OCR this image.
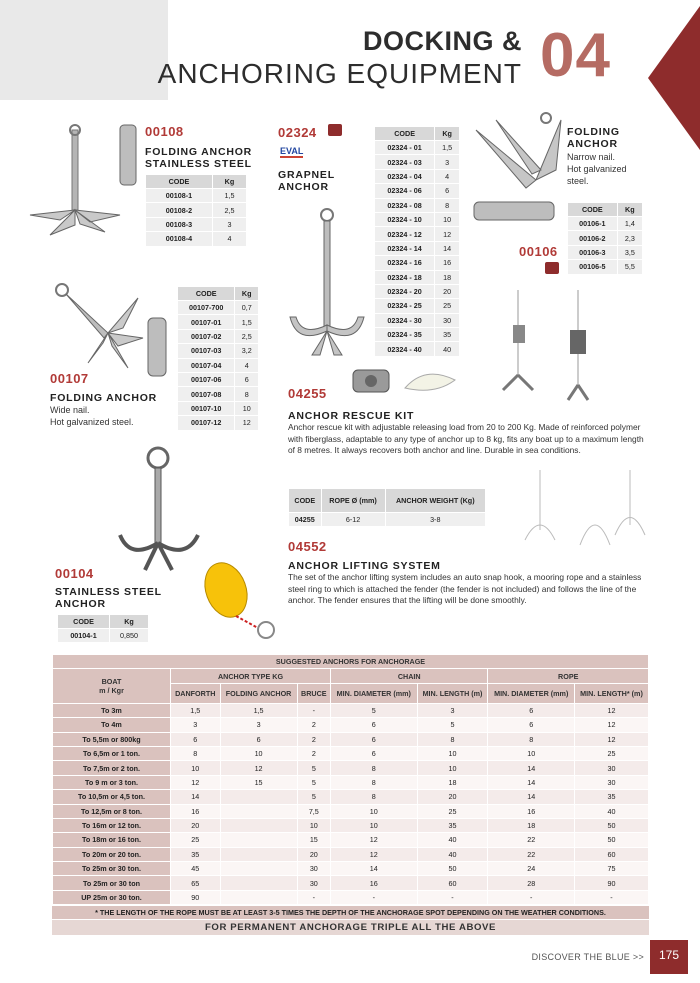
DOCKING &
ANCHORING EQUIPMENT 04
00108
FOLDING ANCHOR
STAINLESS STEEL
CODE	Kg
00108-1	1,5
00108-2	2,5
00108-3	3
00108-4	4
02324
EVAL
GRAPNEL
ANCHOR
CODE	Kg
02324 - 01	1,5
02324 - 03	3
02324 - 04	4
02324 - 06	6
02324 - 08	8
02324 - 10	10
02324 - 12	12
02324 - 14	14
02324 - 16	16
02324 - 18	18
02324 - 20	20
02324 - 25	25
02324 - 30	30
02324 - 35	35
02324 - 40	40
FOLDING
ANCHOR
Narrow nail.
Hot galvanized
steel.
CODE	Kg
00106-1	1,4
00106-2	2,3
00106-3	3,5
00106-5	5,5
00106
00107
FOLDING ANCHOR
Wide nail.
Hot galvanized steel.
CODE	Kg
00107-700	0,7
00107-01	1,5
00107-02	2,5
00107-03	3,2
00107-04	4
00107-06	6
00107-08	8
00107-10	10
00107-12	12
04255
ANCHOR RESCUE KIT
Anchor rescue kit with adjustable releasing load from 20 to 200 Kg. Made of reinforced polymer with fiberglass, adaptable to any type of anchor up to 8 kg, fits any boat up to a maximum length of 8 metres. It always recovers both anchor and line. Durable in sea conditions.
CODE	ROPE Ø (mm)	ANCHOR WEIGHT (Kg)
04255	6-12	3-8
04552
ANCHOR LIFTING SYSTEM
The set of the anchor lifting system includes an auto snap hook, a mooring rope and a stainless steel ring to which is attached the fender (the fender is not included) and follows the line of the anchor. The fender ensures that the lifting will be done smoothly.
00104
STAINLESS STEEL
ANCHOR
CODE	Kg
00104-1	0,850
SUGGESTED ANCHORS FOR ANCHORAGE							
BOAT
m / Kgr	ANCHOR TYPE KG			CHAIN		ROPE	
	DANFORTH	FOLDING ANCHOR	BRUCE	MIN. DIAMETER (mm)	MIN. LENGTH (m)	MIN. DIAMETER (mm)	MIN. LENGTH* (m)
To 3m	1,5	1,5	-	5	3	6	12
To 4m	3	3	2	6	5	6	12
To 5,5m or 800kg	6	6	2	6	8	8	12
To 6,5m or 1 ton.	8	10	2	6	10	10	25
To 7,5m or 2 ton.	10	12	5	8	10	14	30
To 9 m or 3 ton.	12	15	5	8	18	14	30
To 10,5m or 4,5 ton.	14		5	8	20	14	35
To 12,5m or 8 ton.	16		7,5	10	25	16	40
To 16m or 12 ton.	20		10	10	35	18	50
To 18m or 16 ton.	25		15	12	40	22	50
To 20m or 20 ton.	35		20	12	40	22	60
To 25m or 30 ton.	45		30	14	50	24	75
To 25m or 30 ton	65		30	16	60	28	90
UP 25m or 30 ton.	90		-	-	-	-	-
* THE LENGTH OF THE ROPE MUST BE AT LEAST 3-5 TIMES THE DEPTH OF THE ANCHORAGE SPOT DEPENDING ON THE WEATHER CONDITIONS.
FOR PERMANENT ANCHORAGE TRIPLE ALL THE ABOVE
DISCOVER THE BLUE >>	175
